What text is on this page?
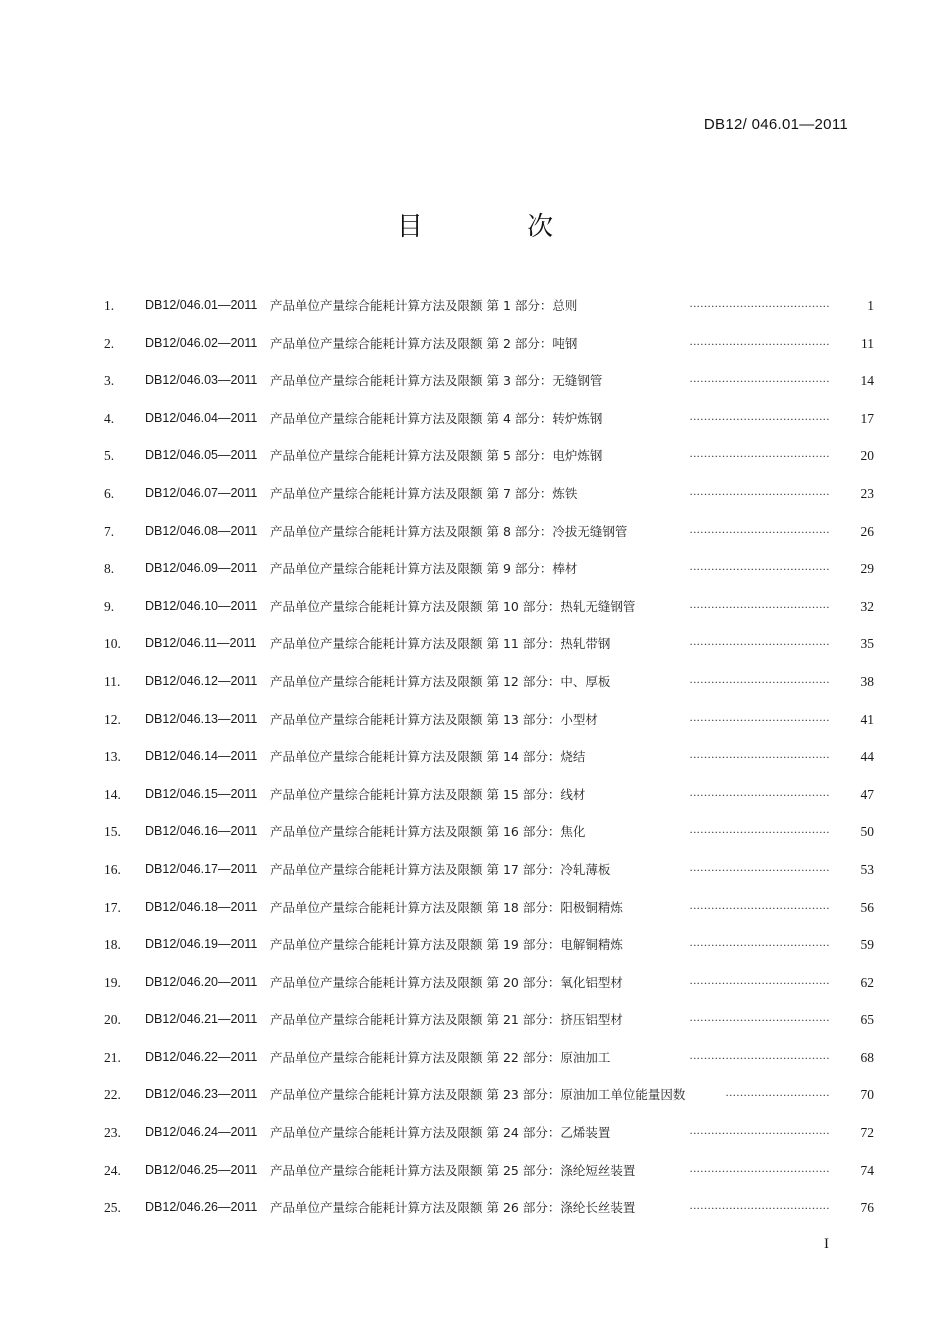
DB12/ 046.01—2011
目 次
1. DB12/046.01—2011 产品单位产量综合能耗计算方法及限额 第 1 部分：总则	.......................................	1
2. DB12/046.02—2011 产品单位产量综合能耗计算方法及限额 第 2 部分：吨钢	....................................... 11
3. DB12/046.03—2011 产品单位产量综合能耗计算方法及限额 第 3 部分：无缝钢管	....................................... 14
4. DB12/046.04—2011 产品单位产量综合能耗计算方法及限额 第 4 部分：转炉炼钢	....................................... 17
5. DB12/046.05—2011 产品单位产量综合能耗计算方法及限额 第 5 部分：电炉炼钢	....................................... 20
6. DB12/046.07—2011 产品单位产量综合能耗计算方法及限额 第 7 部分：炼铁	....................................... 23
7. DB12/046.08—2011 产品单位产量综合能耗计算方法及限额 第 8 部分：冷拔无缝钢管	....................................... 26
8. DB12/046.09—2011 产品单位产量综合能耗计算方法及限额 第 9 部分：棒材	....................................... 29
9. DB12/046.10—2011 产品单位产量综合能耗计算方法及限额 第 10 部分：热轧无缝钢管	....................................... 32
10. DB12/046.11—2011 产品单位产量综合能耗计算方法及限额 第 11 部分：热轧带钢	....................................... 35
11. DB12/046.12—2011 产品单位产量综合能耗计算方法及限额 第 12 部分：中、厚板	....................................... 38
12. DB12/046.13—2011 产品单位产量综合能耗计算方法及限额 第 13 部分：小型材	....................................... 41
13. DB12/046.14—2011 产品单位产量综合能耗计算方法及限额 第 14 部分：烧结	....................................... 44
14. DB12/046.15—2011 产品单位产量综合能耗计算方法及限额 第 15 部分：线材	....................................... 47
15. DB12/046.16—2011 产品单位产量综合能耗计算方法及限额 第 16 部分：焦化	....................................... 50
16. DB12/046.17—2011 产品单位产量综合能耗计算方法及限额 第 17 部分：冷轧薄板	....................................... 53
17. DB12/046.18—2011 产品单位产量综合能耗计算方法及限额 第 18 部分：阳极铜精炼	....................................... 56
18. DB12/046.19—2011 产品单位产量综合能耗计算方法及限额 第 19 部分：电解铜精炼	....................................... 59
19. DB12/046.20—2011 产品单位产量综合能耗计算方法及限额 第 20 部分：氧化铝型材	....................................... 62
20. DB12/046.21—2011 产品单位产量综合能耗计算方法及限额 第 21 部分：挤压铝型材	....................................... 65
21. DB12/046.22—2011 产品单位产量综合能耗计算方法及限额 第 22 部分：原油加工	....................................... 68
22. DB12/046.23—2011 产品单位产量综合能耗计算方法及限额 第 23 部分：原油加工单位能量因数	............................. 70
23. DB12/046.24—2011 产品单位产量综合能耗计算方法及限额 第 24 部分：乙烯装置	....................................... 72
24. DB12/046.25—2011 产品单位产量综合能耗计算方法及限额 第 25 部分：涤纶短丝装置	....................................... 74
25. DB12/046.26—2011 产品单位产量综合能耗计算方法及限额 第 26 部分：涤纶长丝装置	....................................... 76
I
